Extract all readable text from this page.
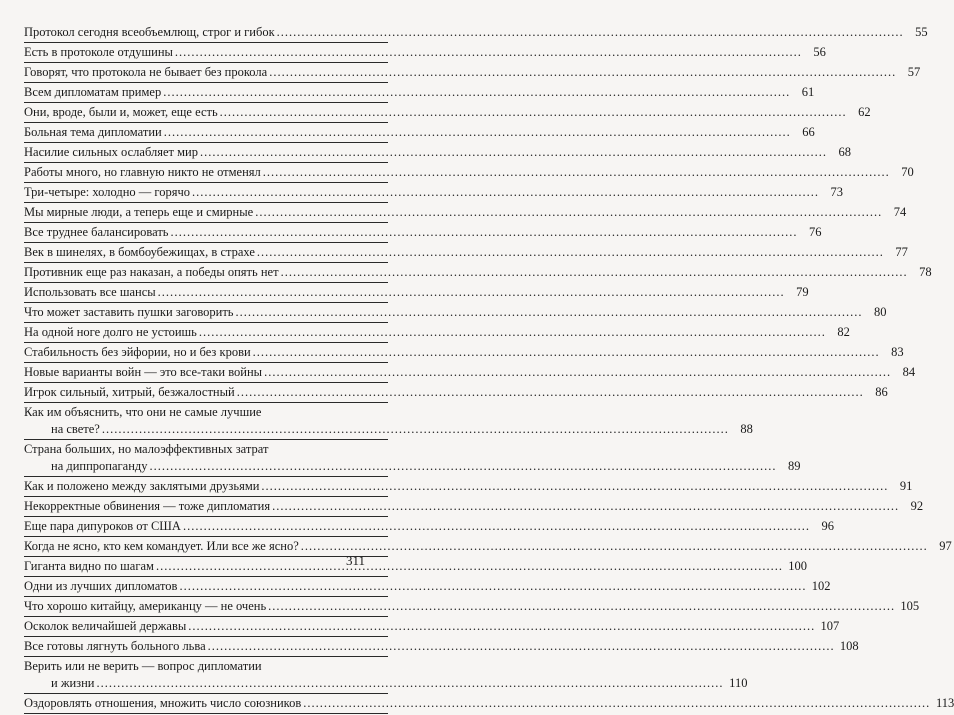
Протокол сегодня всеобъемлющ, строг и гибок .....	55
Есть в протоколе отдушины .....	56
Говорят, что протокола не бывает без прокола .....	57
Всем дипломатам пример .....	61
Они, вроде, были и, может, еще есть .....	62
Больная тема дипломатии .....	66
Насилие сильных ослабляет мир .....	68
Работы много, но главную никто не отменял .....	70
Три-четыре: холодно — горячо .....	73
Мы мирные люди, а теперь еще и смирные .....	74
Все труднее балансировать .....	76
Век в шинелях, в бомбоубежищах, в страхе .....	77
Противник еще раз наказан, а победы опять нет .....	78
Использовать все шансы .....	79
Что может заставить пушки заговорить .....	80
На одной ноге долго не устоишь .....	82
Стабильность без эйфории, но и без крови .....	83
Новые варианты войн — это все-таки войны .....	84
Игрок сильный, хитрый, безжалостный .....	86
Как им объяснить, что они не самые лучшие
на свете? .....	88
Страна больших, но малоэффективных затрат
на диппропаганду .....	89
Как и положено между заклятыми друзьями .....	91
Некорректные обвинения — тоже дипломатия .....	92
Еще пара дипуроков от США .....	96
Когда не ясно, кто кем командует. Или все же ясно? .....	97
Гиганта видно по шагам .....	100
Одни из лучших дипломатов .....	102
Что хорошо китайцу, американцу — не очень .....	105
Осколок величайшей державы .....	107
Все готовы лягнуть больного льва .....	108
Верить или не верить — вопрос дипломатии
и жизни .....	110
Оздоровлять отношения, множить число союзников .....	113
311
